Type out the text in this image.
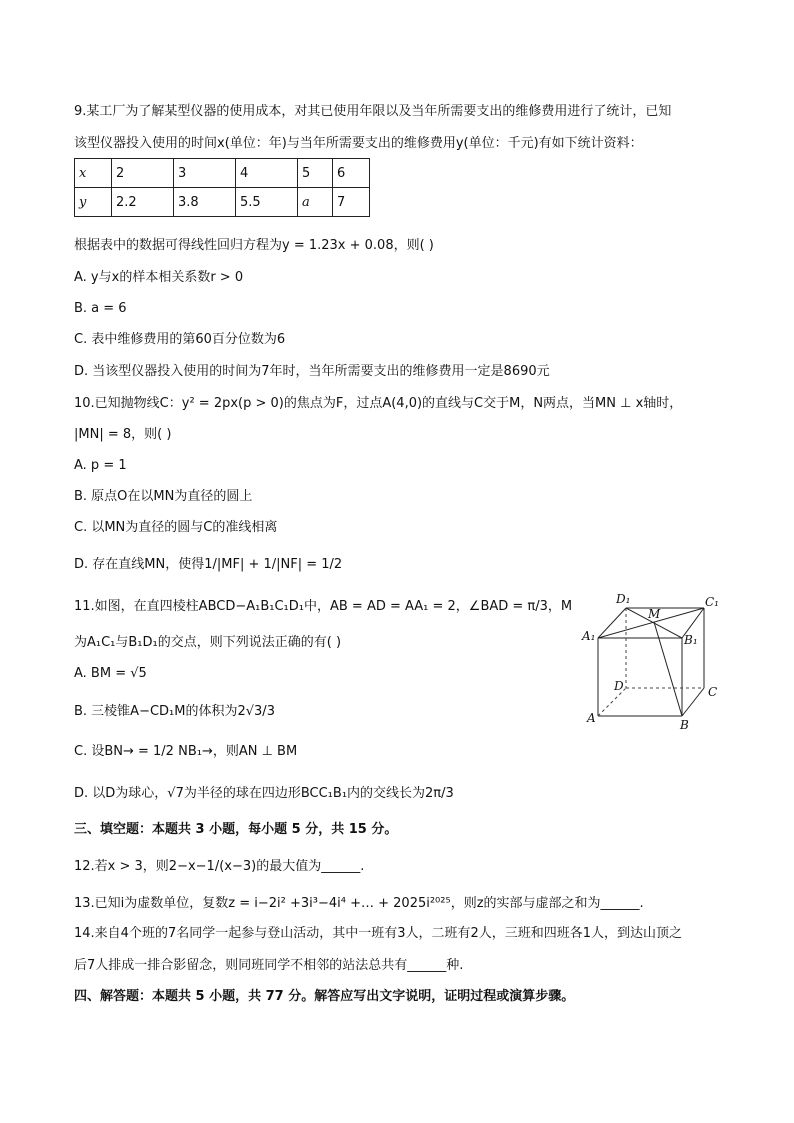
9.某工厂为了解某型仪器的使用成本，对其已使用年限以及当年所需要支出的维修费用进行了统计，已知
该型仪器投入使用的时间x(单位：年)与当年所需要支出的维修费用y(单位：千元)有如下统计资料：
x	2	3	4	5	6
y	2.2	3.8	5.5	a	7
根据表中的数据可得线性回归方程为y = 1.23x + 0.08，则( )
A. y与x的样本相关系数r > 0
B. a = 6
C. 表中维修费用的第60百分位数为6
D. 当该型仪器投入使用的时间为7年时，当年所需要支出的维修费用一定是8690元
10.已知抛物线C：y² = 2px(p > 0)的焦点为F，过点A(4,0)的直线与C交于M，N两点，当MN ⊥ x轴时，
|MN| = 8，则( )
A. p = 1
B. 原点O在以MN为直径的圆上
C. 以MN为直径的圆与C的准线相离
D. 存在直线MN，使得1/|MF| + 1/|NF| = 1/2
11.如图，在直四棱柱ABCD−A₁B₁C₁D₁中，AB = AD = AA₁ = 2，∠BAD = π/3，M
为A₁C₁与B₁D₁的交点，则下列说法正确的有( )
A. BM = √5
B. 三棱锥A−CD₁M的体积为2√3/3
C. 设BN→ = 1/2 NB₁→，则AN ⊥ BM
D. 以D为球心，√7为半径的球在四边形BCC₁B₁内的交线长为2π/3
D₁
M
C₁
A₁	B₁
D	C
A	B
三、填空题：本题共 3 小题，每小题 5 分，共 15 分。
12.若x > 3，则2−x−1/(x−3)的最大值为______.
13.已知i为虚数单位，复数z = i−2i² +3i³−4i⁴ +… + 2025i²⁰²⁵，则z的实部与虚部之和为______.
14.来自4个班的7名同学一起参与登山活动，其中一班有3人，二班有2人，三班和四班各1人，到达山顶之
后7人排成一排合影留念，则同班同学不相邻的站法总共有______种.
四、解答题：本题共 5 小题，共 77 分。解答应写出文字说明，证明过程或演算步骤。
